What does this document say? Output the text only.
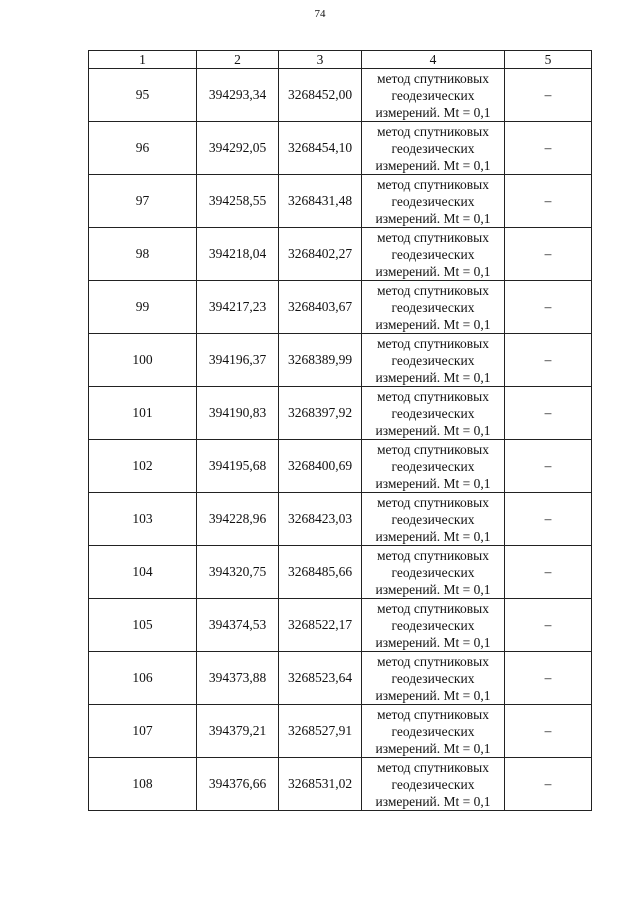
74
1	2	3	4	5
95	394293,34	3268452,00	метод спутниковых
геодезических
измерений. Mt = 0,1	–
96	394292,05	3268454,10	метод спутниковых
геодезических
измерений. Mt = 0,1	–
97	394258,55	3268431,48	метод спутниковых
геодезических
измерений. Mt = 0,1	–
98	394218,04	3268402,27	метод спутниковых
геодезических
измерений. Mt = 0,1	–
99	394217,23	3268403,67	метод спутниковых
геодезических
измерений. Mt = 0,1	–
100	394196,37	3268389,99	метод спутниковых
геодезических
измерений. Mt = 0,1	–
101	394190,83	3268397,92	метод спутниковых
геодезических
измерений. Mt = 0,1	–
102	394195,68	3268400,69	метод спутниковых
геодезических
измерений. Mt = 0,1	–
103	394228,96	3268423,03	метод спутниковых
геодезических
измерений. Mt = 0,1	–
104	394320,75	3268485,66	метод спутниковых
геодезических
измерений. Mt = 0,1	–
105	394374,53	3268522,17	метод спутниковых
геодезических
измерений. Mt = 0,1	–
106	394373,88	3268523,64	метод спутниковых
геодезических
измерений. Mt = 0,1	–
107	394379,21	3268527,91	метод спутниковых
геодезических
измерений. Mt = 0,1	–
108	394376,66	3268531,02	метод спутниковых
геодезических
измерений. Mt = 0,1	–
